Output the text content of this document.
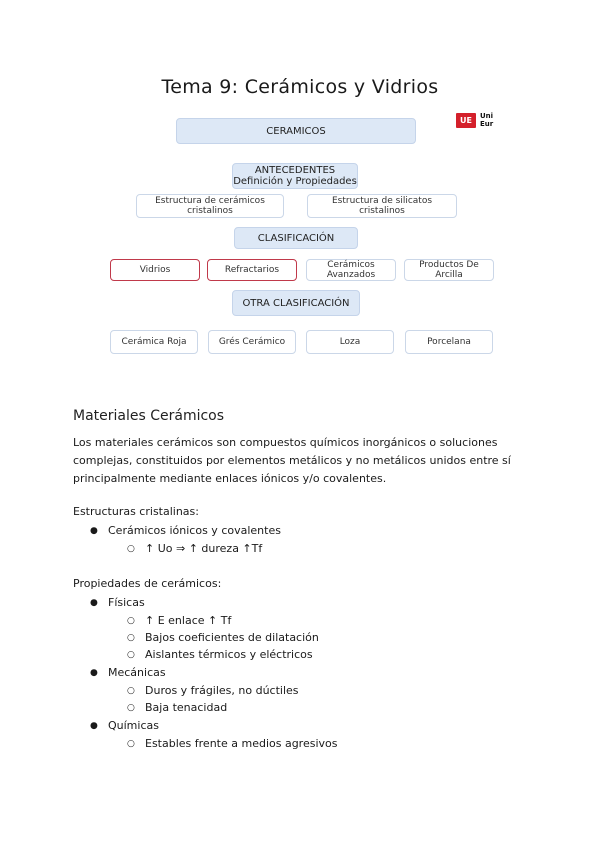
Tema 9: Cerámicos y Vidrios
UE	Uni
Eur
CERAMICOS
ANTECEDENTES
Definición y Propiedades
Estructura de cerámicos cristalinos
Estructura de silicatos cristalinos
CLASIFICACIÓN
Vidrios	Refractarios	Cerámicos Avanzados
Productos De Arcilla
OTRA CLASIFICACIÓN
Cerámica Roja	Grés Cerámico	Loza	Porcelana
Materiales Cerámicos
Los materiales cerámicos son compuestos químicos inorgánicos o soluciones complejas, constituidos por elementos metálicos y no metálicos unidos entre sí principalmente mediante enlaces iónicos y/o covalentes.
Estructuras cristalinas:
● Cerámicos iónicos y covalentes
○ ↑ Uo ⇒ ↑ dureza ↑Tf
Propiedades de cerámicos:
● Físicas
○ ↑ E enlace ↑ Tf
○ Bajos coeficientes de dilatación
○ Aislantes térmicos y eléctricos
● Mecánicas
○ Duros y frágiles, no dúctiles
○ Baja tenacidad
● Químicas
○ Estables frente a medios agresivos
